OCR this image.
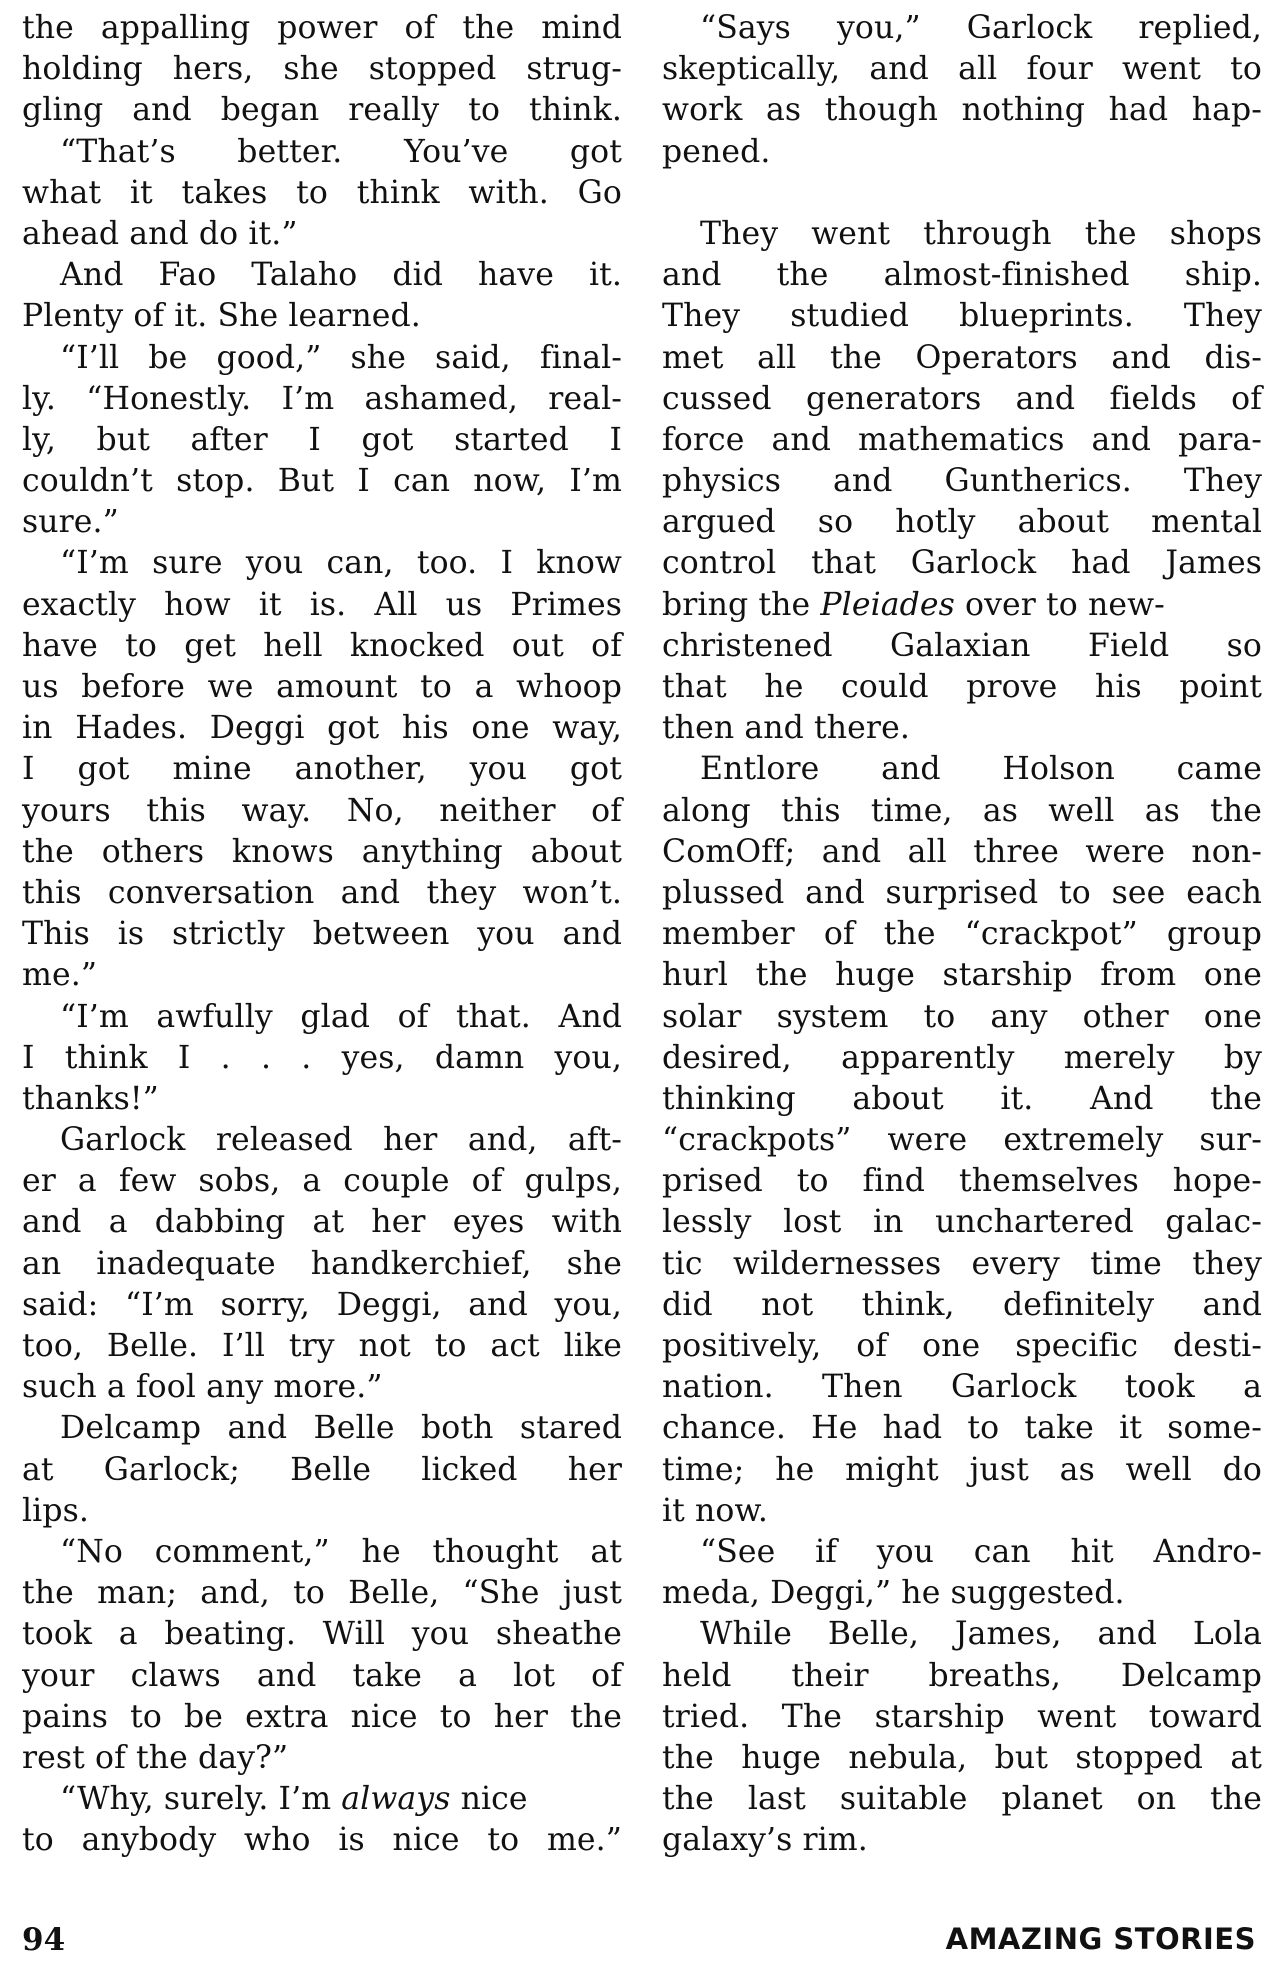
the appalling power of the mind
holding hers, she stopped strug-
gling and began really to think.
“That’s better. You’ve got
what it takes to think with. Go
ahead and do it.”
And Fao Talaho did have it.
Plenty of it. She learned.
“I’ll be good,” she said, final-
ly. “Honestly. I’m ashamed, real-
ly, but after I got started I
couldn’t stop. But I can now, I’m
sure.”
“I’m sure you can, too. I know
exactly how it is. All us Primes
have to get hell knocked out of
us before we amount to a whoop
in Hades. Deggi got his one way,
I got mine another, you got
yours this way. No, neither of
the others knows anything about
this conversation and they won’t.
This is strictly between you and
me.”
“I’m awfully glad of that. And
I think I . . . yes, damn you,
thanks!”
Garlock released her and, aft-
er a few sobs, a couple of gulps,
and a dabbing at her eyes with
an inadequate handkerchief, she
said: “I’m sorry, Deggi, and you,
too, Belle. I’ll try not to act like
such a fool any more.”
Delcamp and Belle both stared
at Garlock; Belle licked her
lips.
“No comment,” he thought at
the man; and, to Belle, “She just
took a beating. Will you sheathe
your claws and take a lot of
pains to be extra nice to her the
rest of the day?”
“Why, surely. I’m always nice
to anybody who is nice to me.”
“Says you,” Garlock replied,
skeptically, and all four went to
work as though nothing had hap-
pened.
They went through the shops
and the almost-finished ship.
They studied blueprints. They
met all the Operators and dis-
cussed generators and fields of
force and mathematics and para-
physics and Guntherics. They
argued so hotly about mental
control that Garlock had James
bring the Pleiades over to new-
christened Galaxian Field so
that he could prove his point
then and there.
Entlore and Holson came
along this time, as well as the
ComOff; and all three were non-
plussed and surprised to see each
member of the “crackpot” group
hurl the huge starship from one
solar system to any other one
desired, apparently merely by
thinking about it. And the
“crackpots” were extremely sur-
prised to find themselves hope-
lessly lost in unchartered galac-
tic wildernesses every time they
did not think, definitely and
positively, of one specific desti-
nation. Then Garlock took a
chance. He had to take it some-
time; he might just as well do
it now.
“See if you can hit Andro-
meda, Deggi,” he suggested.
While Belle, James, and Lola
held their breaths, Delcamp
tried. The starship went toward
the huge nebula, but stopped at
the last suitable planet on the
galaxy’s rim.
94	AMAZING STORIES
